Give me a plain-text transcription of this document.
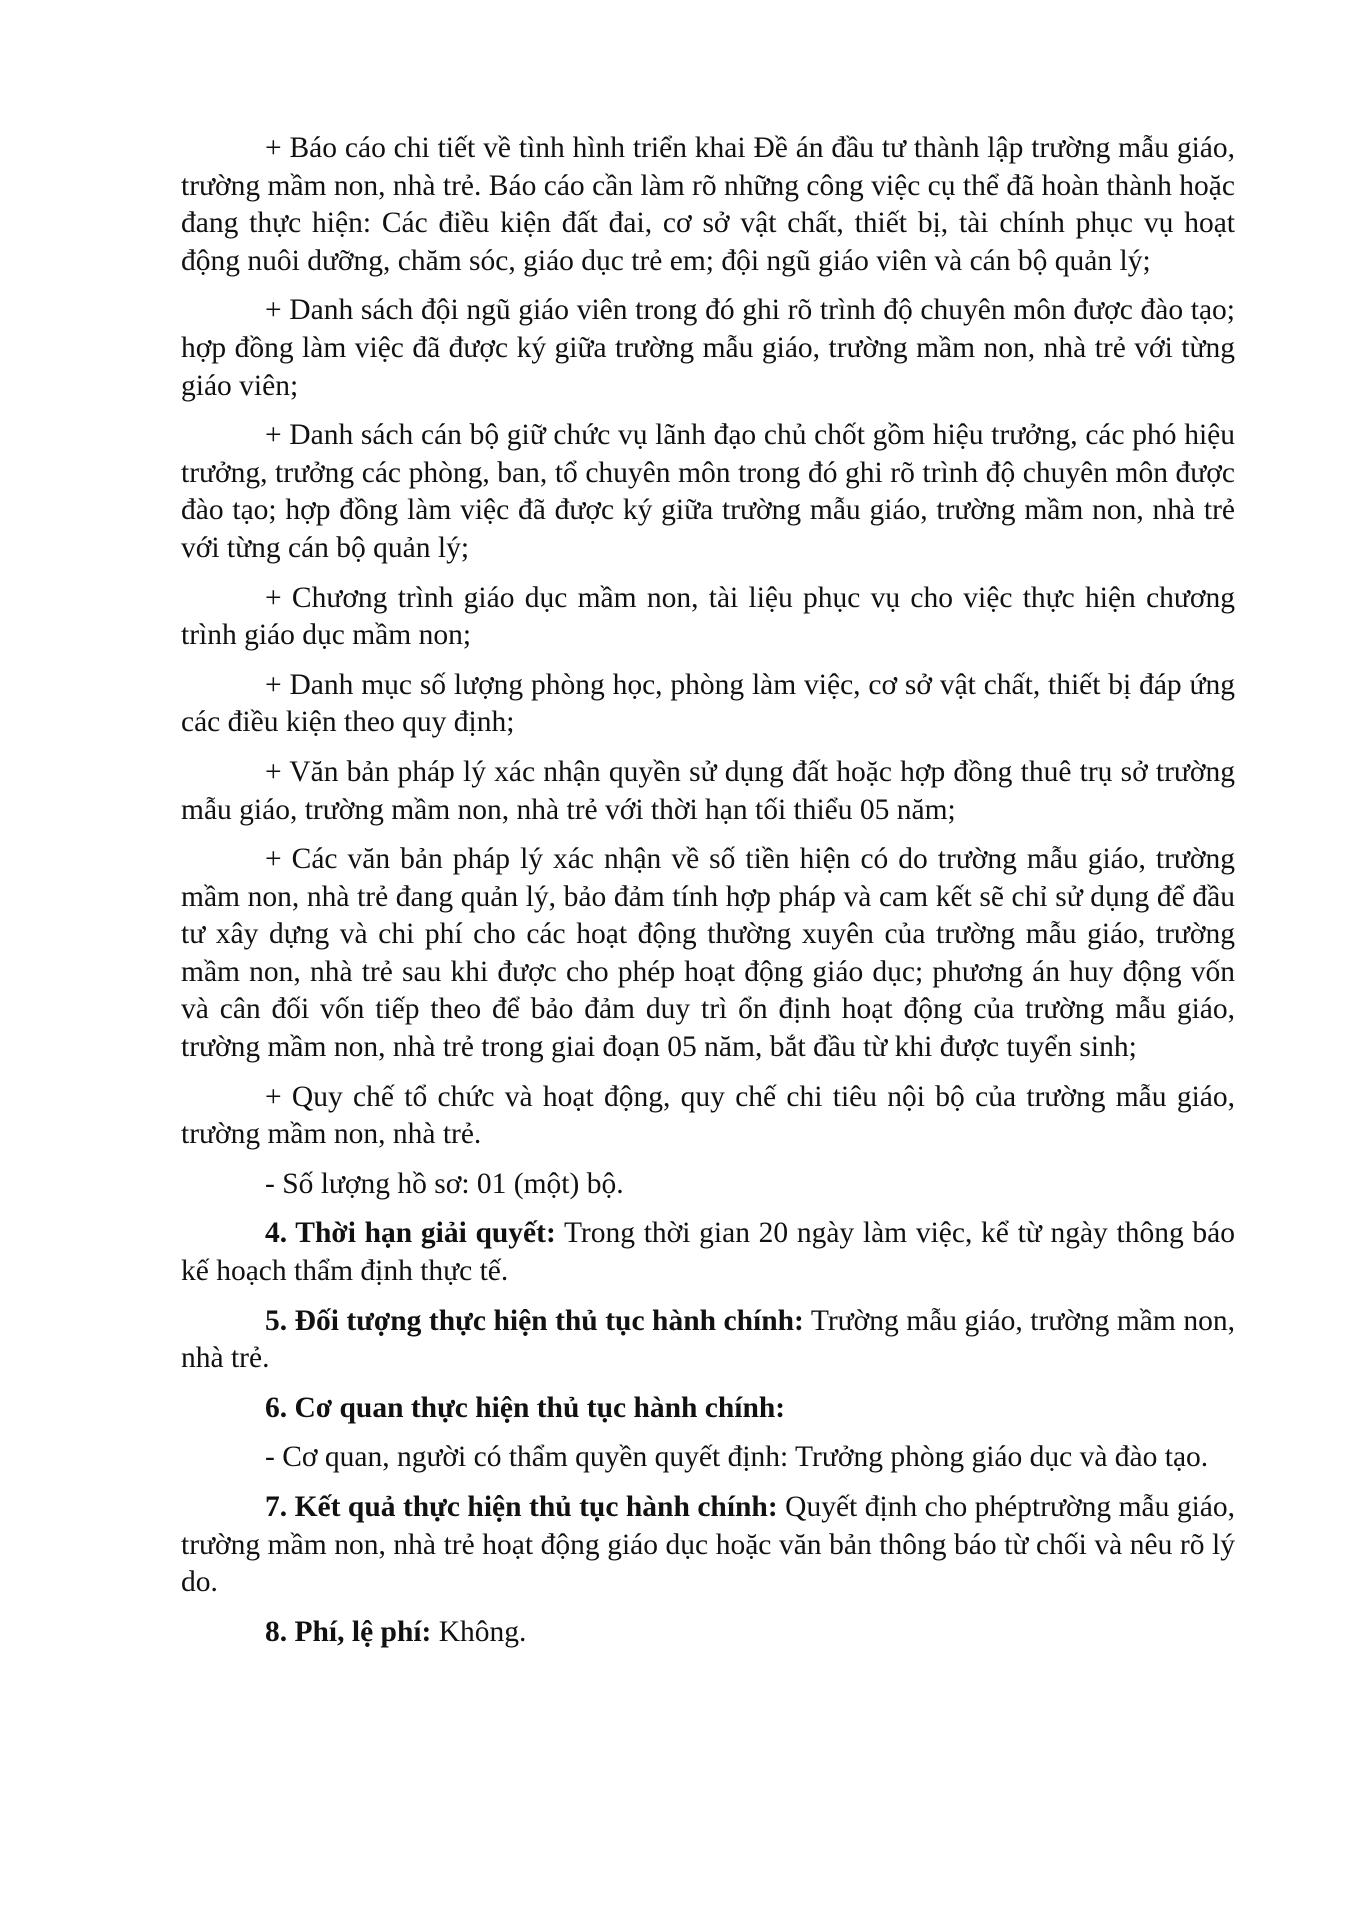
+ Báo cáo chi tiết về tình hình triển khai Đề án đầu tư thành lập trường mẫu giáo, trường mầm non, nhà trẻ. Báo cáo cần làm rõ những công việc cụ thể đã hoàn thành hoặc đang thực hiện: Các điều kiện đất đai, cơ sở vật chất, thiết bị, tài chính phục vụ hoạt động nuôi dưỡng, chăm sóc, giáo dục trẻ em; đội ngũ giáo viên và cán bộ quản lý;

+ Danh sách đội ngũ giáo viên trong đó ghi rõ trình độ chuyên môn được đào tạo; hợp đồng làm việc đã được ký giữa trường mẫu giáo, trường mầm non, nhà trẻ với từng giáo viên;

+ Danh sách cán bộ giữ chức vụ lãnh đạo chủ chốt gồm hiệu trưởng, các phó hiệu trưởng, trưởng các phòng, ban, tổ chuyên môn trong đó ghi rõ trình độ chuyên môn được đào tạo; hợp đồng làm việc đã được ký giữa trường mẫu giáo, trường mầm non, nhà trẻ với từng cán bộ quản lý;

+ Chương trình giáo dục mầm non, tài liệu phục vụ cho việc thực hiện chương trình giáo dục mầm non;

+ Danh mục số lượng phòng học, phòng làm việc, cơ sở vật chất, thiết bị đáp ứng các điều kiện theo quy định;

+ Văn bản pháp lý xác nhận quyền sử dụng đất hoặc hợp đồng thuê trụ sở trường mẫu giáo, trường mầm non, nhà trẻ với thời hạn tối thiểu 05 năm;

+ Các văn bản pháp lý xác nhận về số tiền hiện có do trường mẫu giáo, trường mầm non, nhà trẻ đang quản lý, bảo đảm tính hợp pháp và cam kết sẽ chỉ sử dụng để đầu tư xây dựng và chi phí cho các hoạt động thường xuyên của trường mẫu giáo, trường mầm non, nhà trẻ sau khi được cho phép hoạt động giáo dục; phương án huy động vốn và cân đối vốn tiếp theo để bảo đảm duy trì ổn định hoạt động của trường mẫu giáo, trường mầm non, nhà trẻ trong giai đoạn 05 năm, bắt đầu từ khi được tuyển sinh;

+ Quy chế tổ chức và hoạt động, quy chế chi tiêu nội bộ của trường mẫu giáo, trường mầm non, nhà trẻ.

- Số lượng hồ sơ: 01 (một) bộ.

4. Thời hạn giải quyết: Trong thời gian 20 ngày làm việc, kể từ ngày thông báo kế hoạch thẩm định thực tế.

5. Đối tượng thực hiện thủ tục hành chính: Trường mẫu giáo, trường mầm non, nhà trẻ.

6. Cơ quan thực hiện thủ tục hành chính:

- Cơ quan, người có thẩm quyền quyết định: Trưởng phòng giáo dục và đào tạo.

7. Kết quả thực hiện thủ tục hành chính: Quyết định cho phéptrường mẫu giáo, trường mầm non, nhà trẻ hoạt động giáo dục hoặc văn bản thông báo từ chối và nêu rõ lý do.

8. Phí, lệ phí: Không.
